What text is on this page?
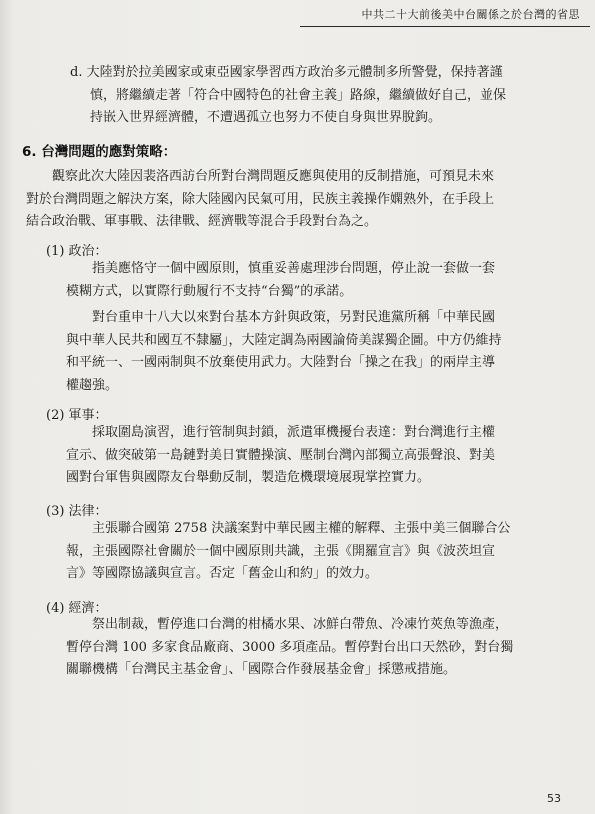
中共二十大前後美中台關係之於台灣的省思
d. 大陸對於拉美國家或東亞國家學習西方政治多元體制多所警覺，保持著謹
慎，將繼續走著「符合中國特色的社會主義」路線，繼續做好自己，並保
持嵌入世界經濟體，不遭遇孤立也努力不使自身與世界脫鉤。
6. 台灣問題的應對策略：
觀察此次大陸因裴洛西訪台所對台灣問題反應與使用的反制措施，可預見未來
對於台灣問題之解決方案，除大陸國內民氣可用，民族主義操作嫻熟外，在手段上
結合政治戰、軍事戰、法律戰、經濟戰等混合手段對台為之。
(1) 政治：
指美應恪守一個中國原則，慎重妥善處理涉台問題，停止說一套做一套
模糊方式，以實際行動履行不支持“台獨”的承諾。
對台重申十八大以來對台基本方針與政策，另對民進黨所稱「中華民國
與中華人民共和國互不隸屬」，大陸定調為兩國論倚美謀獨企圖。中方仍維持
和平統一、一國兩制與不放棄使用武力。大陸對台「操之在我」的兩岸主導
權趨強。
(2) 軍事：
採取圍島演習，進行管制與封鎖，派遣軍機擾台表達：對台灣進行主權
宣示、做突破第一島鏈對美日實體操演、壓制台灣內部獨立高張聲浪、對美
國對台軍售與國際友台舉動反制，製造危機環境展現掌控實力。
(3) 法律：
主張聯合國第 2758 決議案對中華民國主權的解釋、主張中美三個聯合公
報，主張國際社會關於一個中國原則共識，主張《開羅宣言》與《波茨坦宣
言》等國際協議與宣言。否定「舊金山和約」的效力。
(4) 經濟：
祭出制裁，暫停進口台灣的柑橘水果、冰鮮白帶魚、冷凍竹莢魚等漁產，
暫停台灣 100 多家食品廠商、3000 多項產品。暫停對台出口天然砂，對台獨
關聯機構「台灣民主基金會」、「國際合作發展基金會」採懲戒措施。
53
